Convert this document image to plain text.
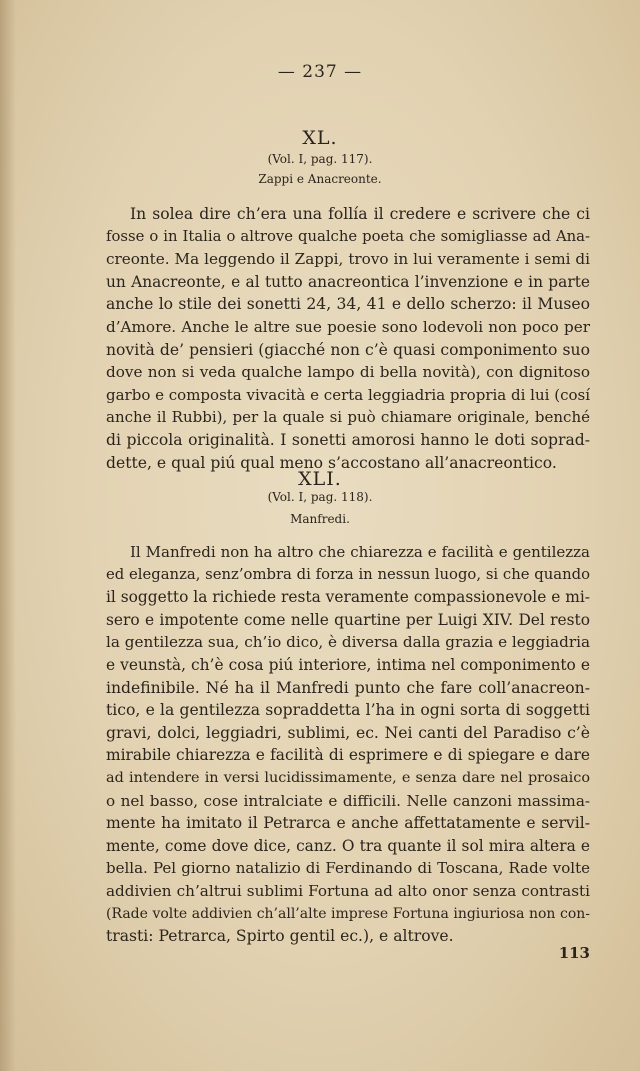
— 237 —
XL.
(Vol. I, pag. 117).
Zappi e Anacreonte.
In solea dire ch’era una follía il credere e scrivere che ci
fosse o in Italia o altrove qualche poeta che somigliasse ad Ana-
creonte. Ma leggendo il Zappi, trovo in lui veramente i semi di
un Anacreonte, e al tutto anacreontica l’invenzione e in parte
anche lo stile dei sonetti 24, 34, 41 e dello scherzo: il Museo
d’Amore. Anche le altre sue poesie sono lodevoli non poco per
novità de’ pensieri (giacché non c’è quasi componimento suo
dove non si veda qualche lampo di bella novità), con dignitoso
garbo e composta vivacità e certa leggiadria propria di lui (cosí
anche il Rubbi), per la quale si può chiamare originale, benché
di piccola originalità. I sonetti amorosi hanno le doti soprad-
dette, e qual piú qual meno s’accostano all’anacreontico.
XLI.
(Vol. I, pag. 118).
Manfredi.
Il Manfredi non ha altro che chiarezza e facilità e gentilezza
ed eleganza, senz’ombra di forza in nessun luogo, si che quando
il soggetto la richiede resta veramente compassionevole e mi-
sero e impotente come nelle quartine per Luigi XIV. Del resto
la gentilezza sua, ch’io dico, è diversa dalla grazia e leggiadria
e veunstà, ch’è cosa piú interiore, intima nel componimento e
indefinibile. Né ha il Manfredi punto che fare coll’anacreon-
tico, e la gentilezza sopraddetta l’ha in ogni sorta di soggetti
gravi, dolci, leggiadri, sublimi, ec. Nei canti del Paradiso c’è
mirabile chiarezza e facilità di esprimere e di spiegare e dare
ad intendere in versi lucidissimamente, e senza dare nel prosaico
o nel basso, cose intralciate e difficili. Nelle canzoni massima-
mente ha imitato il Petrarca e anche affettatamente e servil-
mente, come dove dice, canz. O tra quante il sol mira altera e
bella. Pel giorno natalizio di Ferdinando di Toscana, Rade volte
addivien ch’altrui sublimi Fortuna ad alto onor senza contrasti
(Rade volte addivien ch’all’alte imprese Fortuna ingiuriosa non con-
trasti: Petrarca, Spirto gentil ec.), e altrove.
113
